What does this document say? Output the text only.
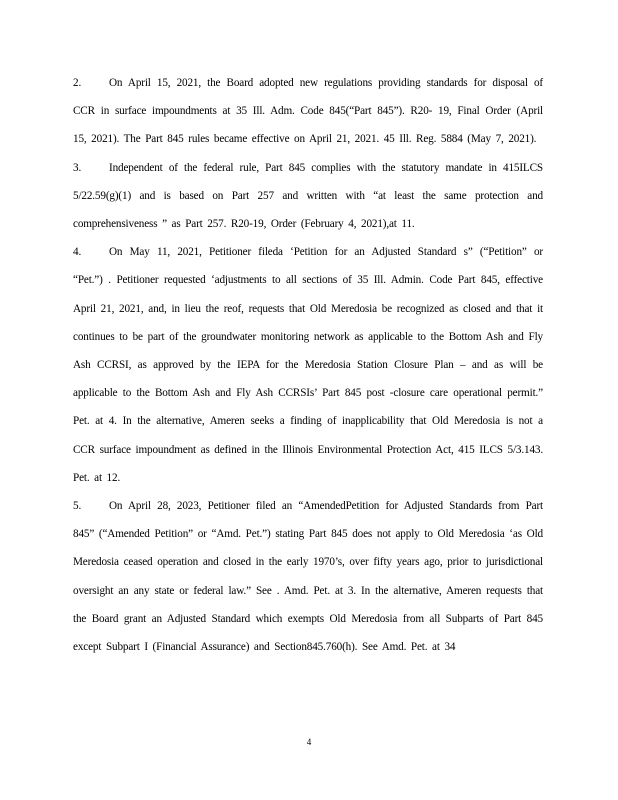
2. On April 15, 2021, the Board adopted new regulations providing standards for disposal of CCR in surface impoundments at 35 Ill. Adm. Code 845(“Part 845”). R20- 19, Final Order (April 15, 2021). The Part 845 rules became effective on April 21, 2021. 45 Ill. Reg. 5884 (May 7, 2021).

3. Independent of the federal rule, Part 845 complies with the statutory mandate in 415ILCS 5/22.59(g)(1) and is based on Part 257 and written with “at least the same protection and comprehensiveness ” as Part 257. R20-19, Order (February 4, 2021),at 11.

4. On May 11, 2021, Petitioner fileda ‘Petition for an Adjusted Standard s” (“Petition” or “Pet.”) . Petitioner requested ‘adjustments to all sections of 35 Ill. Admin. Code Part 845, effective April 21, 2021, and, in lieu the reof, requests that Old Meredosia be recognized as closed and that it continues to be part of the groundwater monitoring network as applicable to the Bottom Ash and Fly Ash CCRSI, as approved by the IEPA for the Meredosia Station Closure Plan – and as will be applicable to the Bottom Ash and Fly Ash CCRSIs’ Part 845 post -closure care operational permit.” Pet. at 4. In the alternative, Ameren seeks a finding of inapplicability that Old Meredosia is not a CCR surface impoundment as defined in the Illinois Environmental Protection Act, 415 ILCS 5/3.143. Pet. at 12.

5. On April 28, 2023, Petitioner filed an “AmendedPetition for Adjusted Standards from Part 845” (“Amended Petition” or “Amd. Pet.”) stating Part 845 does not apply to Old Meredosia ‘as Old Meredosia ceased operation and closed in the early 1970’s, over fifty years ago, prior to jurisdictional oversight an any state or federal law.” See . Amd. Pet. at 3. In the alternative, Ameren requests that the Board grant an Adjusted Standard which exempts Old Meredosia from all Subparts of Part 845 except Subpart I (Financial Assurance) and Section845.760(h). See Amd. Pet. at 34

4
